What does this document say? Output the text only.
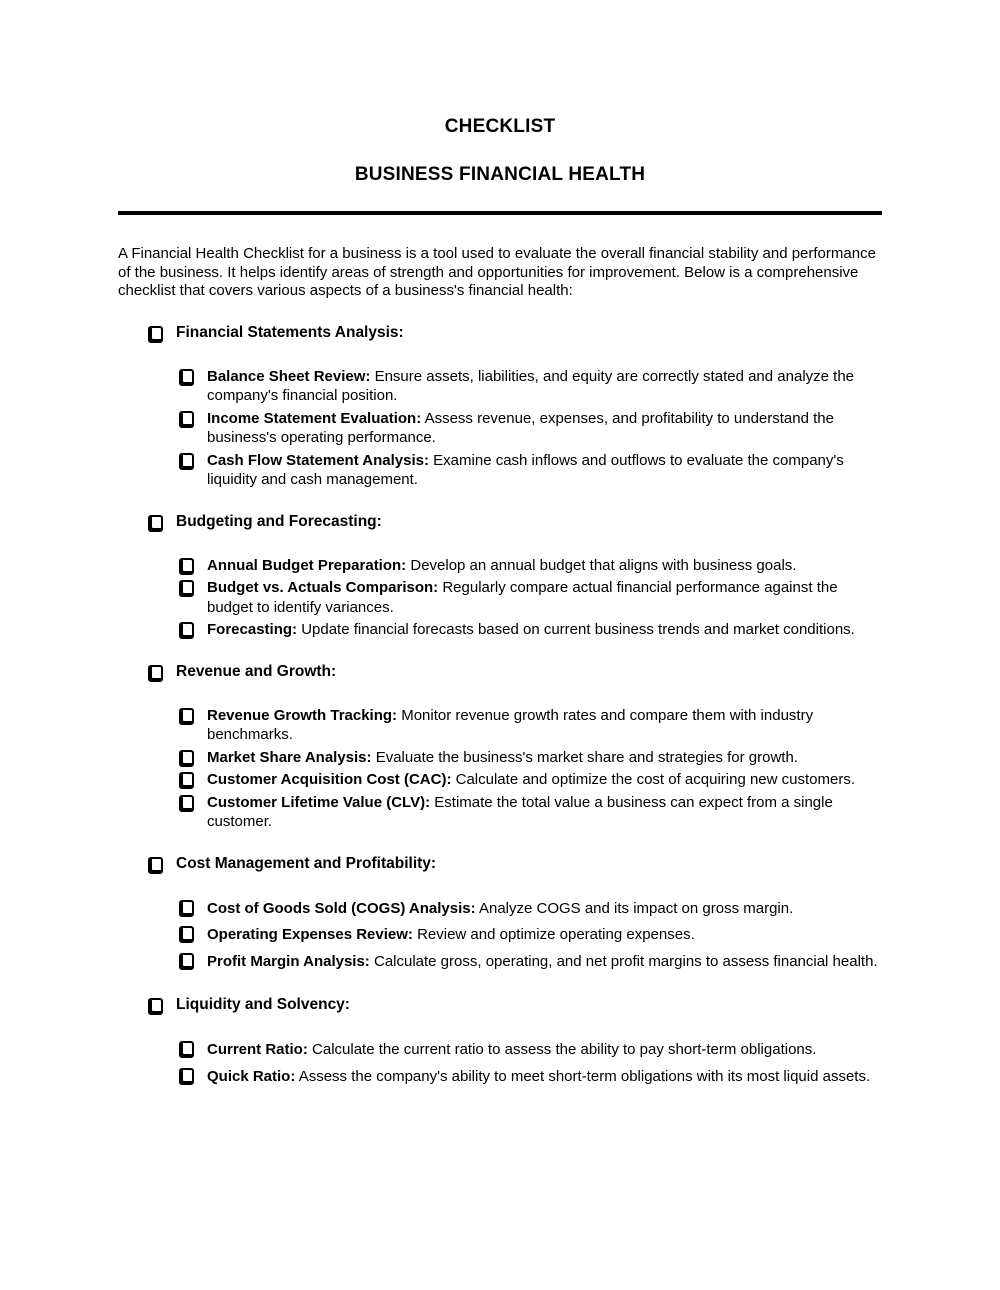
CHECKLIST
BUSINESS FINANCIAL HEALTH

A Financial Health Checklist for a business is a tool used to evaluate the overall financial stability and performance of the business. It helps identify areas of strength and opportunities for improvement. Below is a comprehensive checklist that covers various aspects of a business's financial health:

Financial Statements Analysis:
Balance Sheet Review: Ensure assets, liabilities, and equity are correctly stated and analyze the company's financial position.
Income Statement Evaluation: Assess revenue, expenses, and profitability to understand the business's operating performance.
Cash Flow Statement Analysis: Examine cash inflows and outflows to evaluate the company's liquidity and cash management.
Budgeting and Forecasting:
Annual Budget Preparation: Develop an annual budget that aligns with business goals.
Budget vs. Actuals Comparison: Regularly compare actual financial performance against the budget to identify variances.
Forecasting: Update financial forecasts based on current business trends and market conditions.
Revenue and Growth:
Revenue Growth Tracking: Monitor revenue growth rates and compare them with industry benchmarks.
Market Share Analysis: Evaluate the business's market share and strategies for growth.
Customer Acquisition Cost (CAC): Calculate and optimize the cost of acquiring new customers.
Customer Lifetime Value (CLV): Estimate the total value a business can expect from a single customer.
Cost Management and Profitability:
Cost of Goods Sold (COGS) Analysis: Analyze COGS and its impact on gross margin.
Operating Expenses Review: Review and optimize operating expenses.
Profit Margin Analysis: Calculate gross, operating, and net profit margins to assess financial health.
Liquidity and Solvency:
Current Ratio: Calculate the current ratio to assess the ability to pay short-term obligations.
Quick Ratio: Assess the company's ability to meet short-term obligations with its most liquid assets.
